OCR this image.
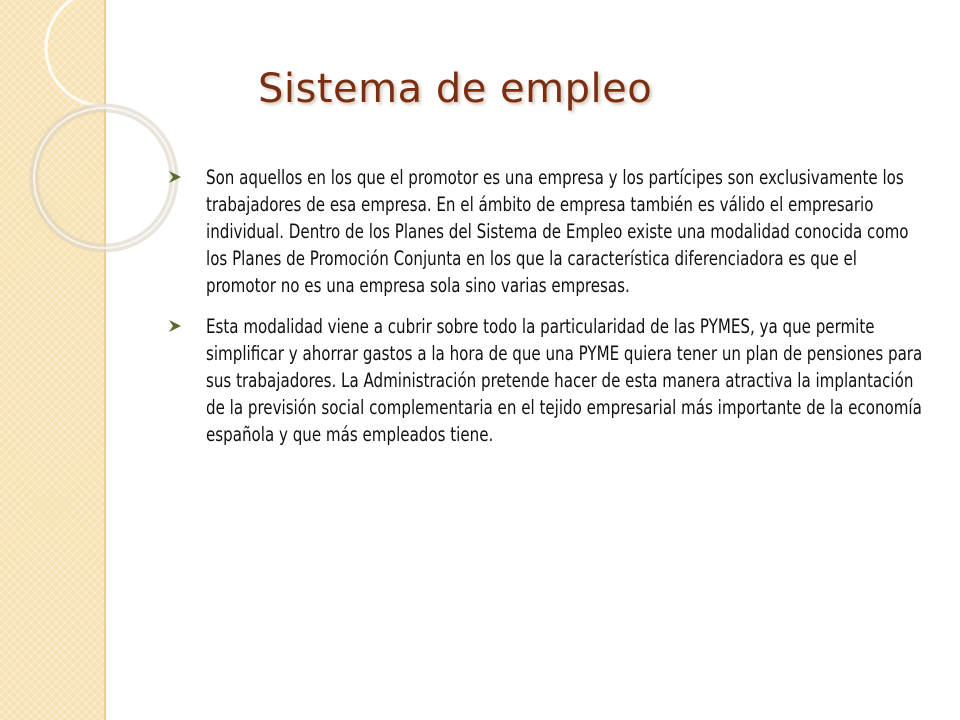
Sistema de empleo
Son aquellos en los que el promotor es una empresa y los partícipes son exclusivamente los trabajadores de esa empresa. En el ámbito de empresa también es válido el empresario individual. Dentro de los Planes del Sistema de Empleo existe una modalidad conocida como los Planes de Promoción Conjunta en los que la característica diferenciadora es que el promotor no es una empresa sola sino varias empresas.
Esta modalidad viene a cubrir sobre todo la particularidad de las PYMES, ya que permite simplificar y ahorrar gastos a la hora de que una PYME quiera tener un plan de pensiones para sus trabajadores. La Administración pretende hacer de esta manera atractiva la implantación de la previsión social complementaria en el tejido empresarial más importante de la economía española y que más empleados tiene.
